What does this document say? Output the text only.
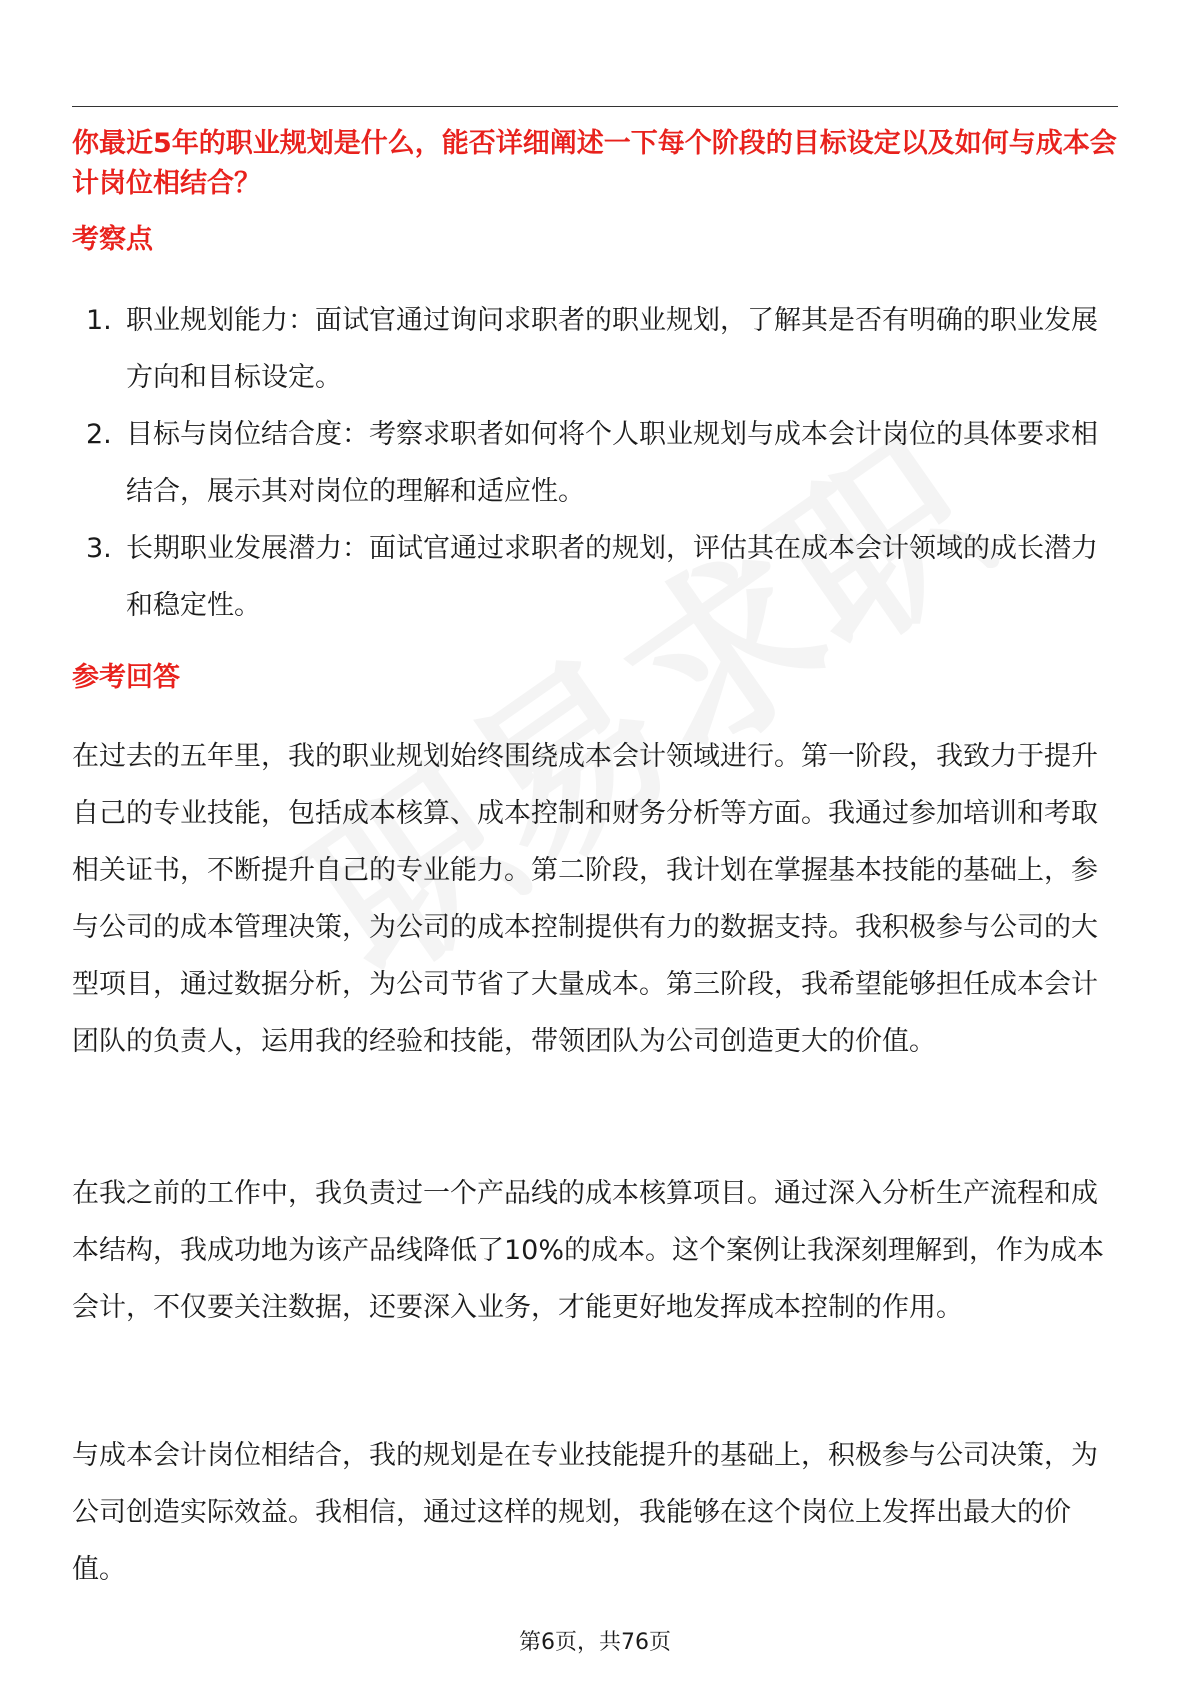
你最近5年的职业规划是什么，能否详细阐述一下每个阶段的目标设定以及如何与成本会计岗位相结合？
考察点
1. 职业规划能力：面试官通过询问求职者的职业规划，了解其是否有明确的职业发展方向和目标设定。
2. 目标与岗位结合度：考察求职者如何将个人职业规划与成本会计岗位的具体要求相结合，展示其对岗位的理解和适应性。
3. 长期职业发展潜力：面试官通过求职者的规划，评估其在成本会计领域的成长潜力和稳定性。
参考回答

在过去的五年里，我的职业规划始终围绕成本会计领域进行。第一阶段，我致力于提升自己的专业技能，包括成本核算、成本控制和财务分析等方面。我通过参加培训和考取相关证书，不断提升自己的专业能力。第二阶段，我计划在掌握基本技能的基础上，参与公司的成本管理决策，为公司的成本控制提供有力的数据支持。我积极参与公司的大型项目，通过数据分析，为公司节省了大量成本。第三阶段，我希望能够担任成本会计团队的负责人，运用我的经验和技能，带领团队为公司创造更大的价值。

在我之前的工作中，我负责过一个产品线的成本核算项目。通过深入分析生产流程和成本结构，我成功地为该产品线降低了10%的成本。这个案例让我深刻理解到，作为成本会计，不仅要关注数据，还要深入业务，才能更好地发挥成本控制的作用。

与成本会计岗位相结合，我的规划是在专业技能提升的基础上，积极参与公司决策，为公司创造实际效益。我相信，通过这样的规划，我能够在这个岗位上发挥出最大的价值。

第6页，共76页
